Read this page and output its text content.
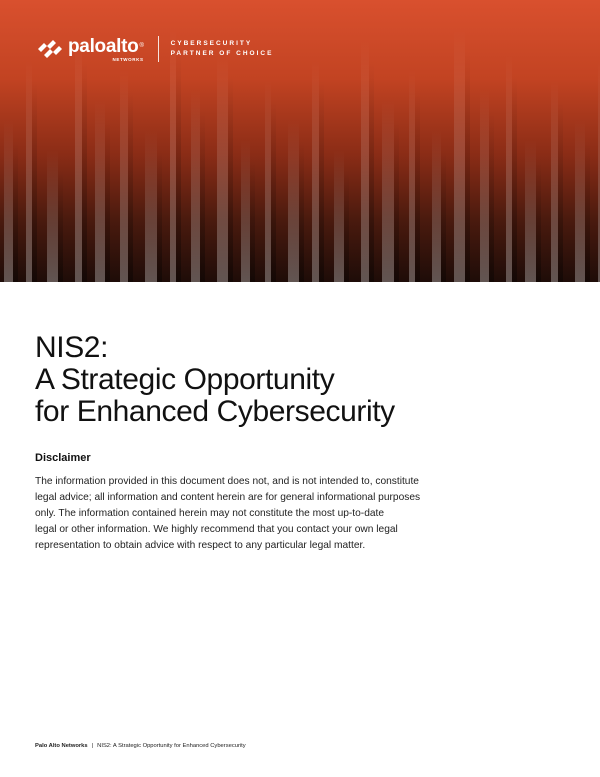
paloalto®
NETWORKS
CYBERSECURITY
PARTNER OF CHOICE
NIS2:
A Strategic Opportunity
for Enhanced Cybersecurity
Disclaimer

The information provided in this document does not, and is not intended to, constitute
legal advice; all information and content herein are for general informational purposes
only. The information contained herein may not constitute the most up-to-date
legal or other information. We highly recommend that you contact your own legal
representation to obtain advice with respect to any particular legal matter.

Palo Alto Networks | NIS2: A Strategic Opportunity for Enhanced Cybersecurity
